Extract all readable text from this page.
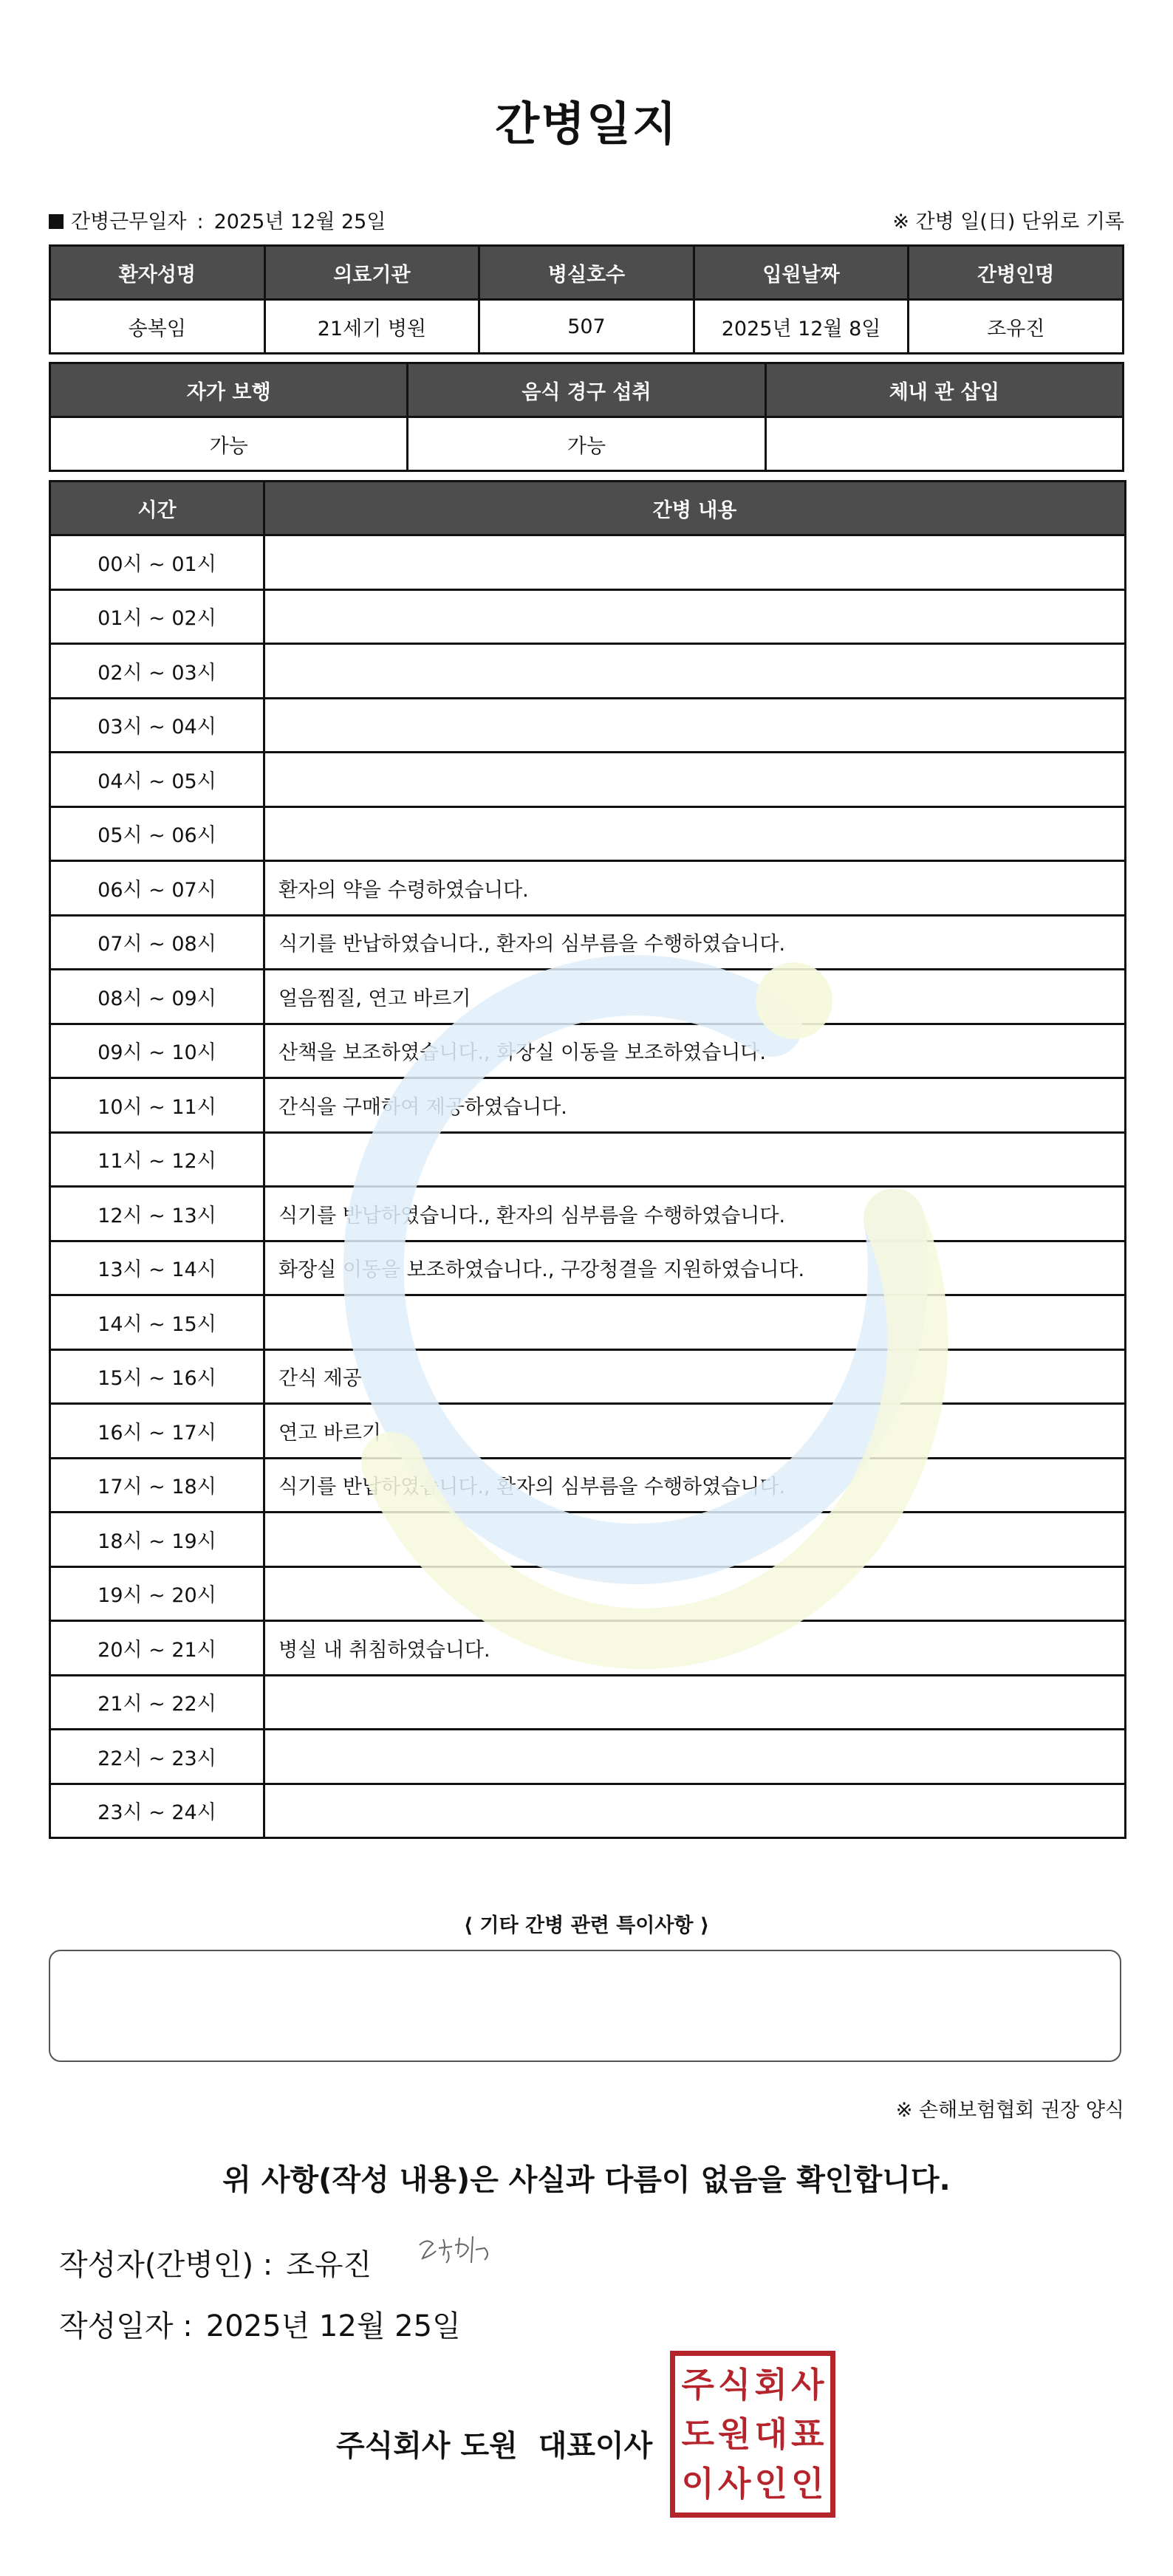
간병일지
간병근무일자 : 2025년 12월 25일	※ 간병 일(日) 단위로 기록
환자성명	의료기관	병실호수	입원날짜	간병인명
송복임	21세기 병원	507	2025년 12월 8일	조유진
자가 보행	음식 경구 섭취	체내 관 삽입
가능	가능	
시간	간병 내용
00시 ~ 01시	
01시 ~ 02시	
02시 ~ 03시	
03시 ~ 04시	
04시 ~ 05시	
05시 ~ 06시	
06시 ~ 07시	환자의 약을 수령하였습니다.
07시 ~ 08시	식기를 반납하였습니다., 환자의 심부름을 수행하였습니다.
08시 ~ 09시	얼음찜질, 연고 바르기
09시 ~ 10시	산책을 보조하였습니다., 화장실 이동을 보조하였습니다.
10시 ~ 11시	간식을 구매하여 제공하였습니다.
11시 ~ 12시	
12시 ~ 13시	식기를 반납하였습니다., 환자의 심부름을 수행하였습니다.
13시 ~ 14시	화장실 이동을 보조하였습니다., 구강청결을 지원하였습니다.
14시 ~ 15시	
15시 ~ 16시	간식 제공
16시 ~ 17시	연고 바르기
17시 ~ 18시	식기를 반납하였습니다., 환자의 심부름을 수행하였습니다.
18시 ~ 19시	
19시 ~ 20시	
20시 ~ 21시	병실 내 취침하였습니다.
21시 ~ 22시	
22시 ~ 23시	
23시 ~ 24시	
⟨ 기타 간병 관련 특이사항 ⟩
※ 손해보험협회 권장 양식
위 사항(작성 내용)은 사실과 다름이 없음을 확인합니다.
작성자(간병인) : 조유진
작성일자 : 2025년 12월 25일
주식회사 도원 대표이사
주 식 회 사
도 원 대 표
이 사 인 인
